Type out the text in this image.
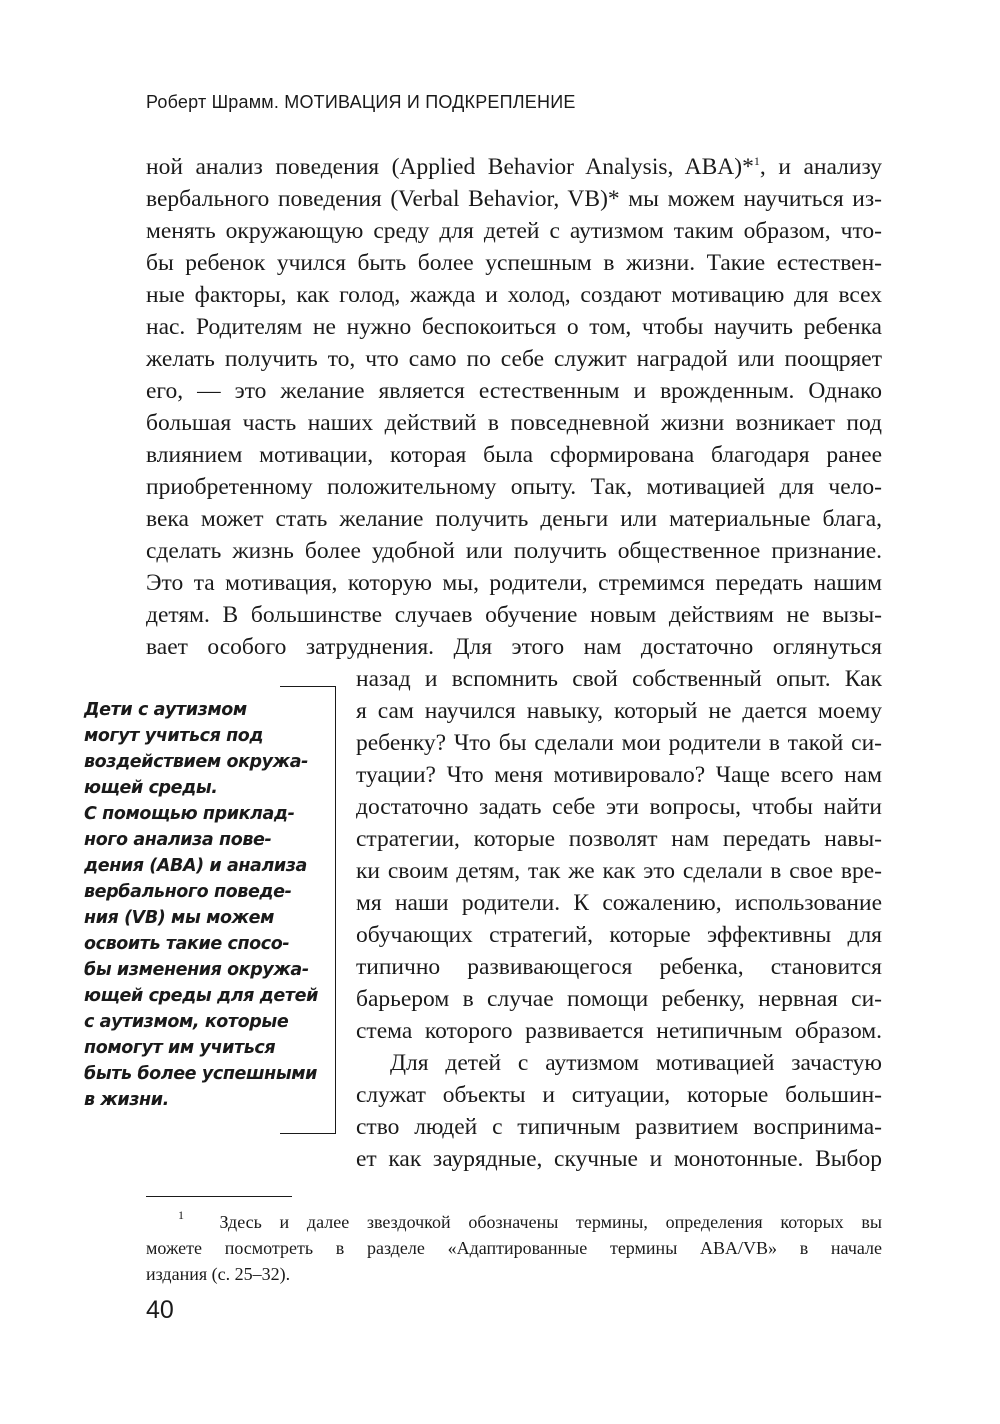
Роберт Шрамм. МОТИВАЦИЯ И ПОДКРЕПЛЕНИЕ
ной анализ поведения (Applied Behavior Analysis, ABA)*$^1$, и анализу
вербального поведения (Verbal Behavior, VB)* мы можем научиться из-
менять окружающую среду для детей с аутизмом таким образом, что-
бы ребенок учился быть более успешным в жизни. Такие естествен-
ные факторы, как голод, жажда и холод, создают мотивацию для всех
нас. Родителям не нужно беспокоиться о том, чтобы научить ребенка
желать получить то, что само по себе служит наградой или поощряет
его, — это желание является естественным и врожденным. Однако
большая часть наших действий в повседневной жизни возникает под
влиянием мотивации, которая была сформирована благодаря ранее
приобретенному положительному опыту. Так, мотивацией для чело-
века может стать желание получить деньги или материальные блага,
сделать жизнь более удобной или получить общественное признание.
Это та мотивация, которую мы, родители, стремимся передать нашим
детям. В большинстве случаев обучение новым действиям не вызы-
вает особого затруднения. Для этого нам достаточно оглянуться
назад и вспомнить свой собственный опыт. Как
я сам научился навыку, который не дается моему
ребенку? Что бы сделали мои родители в такой си-
туации? Что меня мотивировало? Чаще всего нам
достаточно задать себе эти вопросы, чтобы найти
стратегии, которые позволят нам передать навы-
ки своим детям, так же как это сделали в свое вре-
мя наши родители. К сожалению, использование
обучающих стратегий, которые эффективны для
типично развивающегося ребенка, становится
барьером в случае помощи ребенку, нервная си-
стема которого развивается нетипичным образом.
Для детей с аутизмом мотивацией зачастую
служат объекты и ситуации, которые большин-
ство людей с типичным развитием воспринима-
ет как заурядные, скучные и монотонные. Выбор
Дети с аутизмом
могут учиться под
воздействием окружа-
ющей среды.
С помощью приклад-
ного анализа пове-
дения (ABA) и анализа
вербального поведе-
ния (VB) мы можем
освоить такие спосо-
бы изменения окружа-
ющей среды для детей
с аутизмом, которые
помогут им учиться
быть более успешными
в жизни.
$^1$ Здесь и далее звездочкой обозначены термины, определения которых вы
можете посмотреть в разделе «Адаптированные термины ABA/VB» в начале
издания (с. 25–32).
40
